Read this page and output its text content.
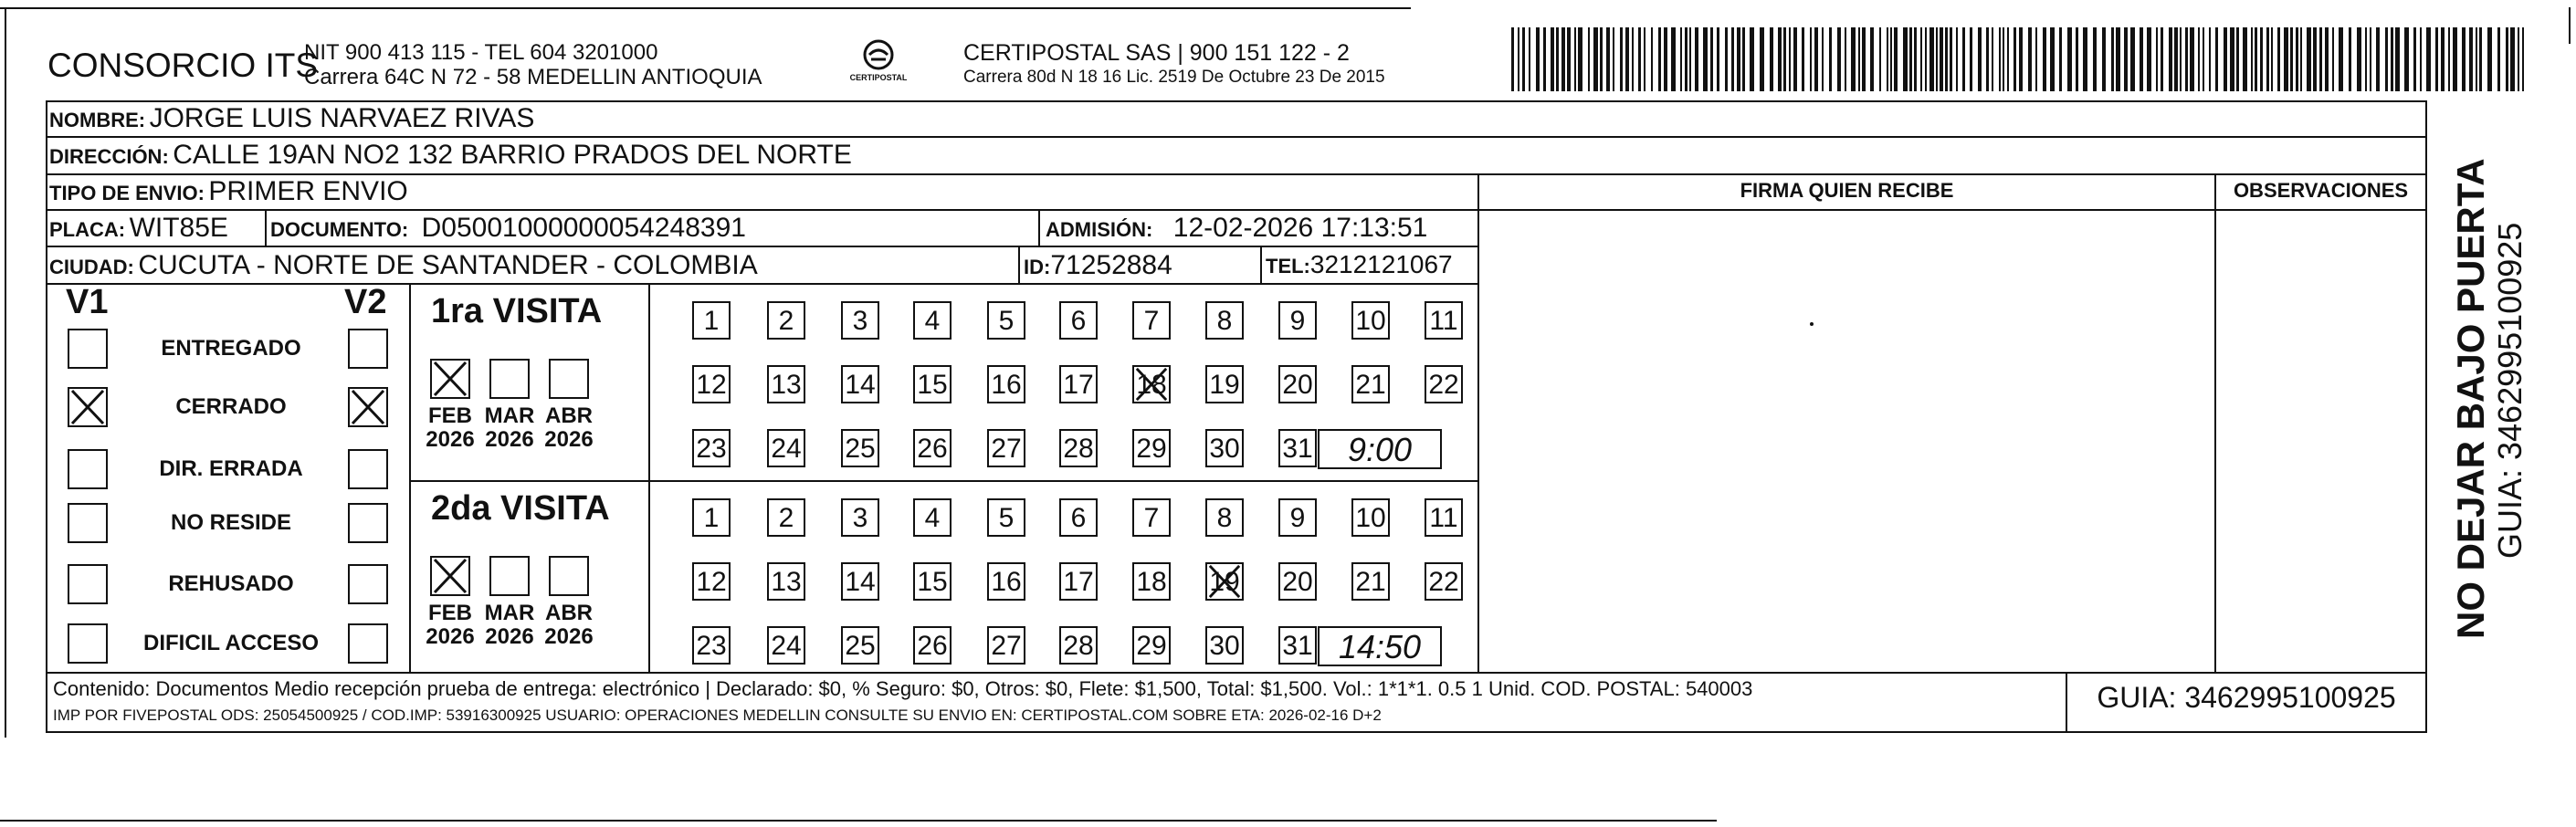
CONSORCIO ITS
NIT 900 413 115 - TEL 604 3201000
Carrera 64C N 72 - 58 MEDELLIN ANTIOQUIA	CERTIPOSTAL
CERTIPOSTAL SAS | 900 151 122 - 2
Carrera 80d N 18 16 Lic. 2519 De Octubre 23 De 2015
NOMBRE: JORGE LUIS NARVAEZ RIVAS
DIRECCIÓN: CALLE 19AN NO2 132 BARRIO PRADOS DEL NORTE
TIPO DE ENVIO: PRIMER ENVIO	FIRMA QUIEN RECIBE	OBSERVACIONES
PLACA: WIT85E DOCUMENTO: D05001000000054248391	ADMISIÓN: 12-02-2026 17:13:51
CIUDAD: CUCUTA - NORTE DE SANTANDER - COLOMBIA	ID:71252884	TEL:3212121067
V1	V2
ENTREGADO
CERRADO
DIR. ERRADA
NO RESIDE
REHUSADO
DIFICIL ACCESO
1ra VISITA
FEB
2026
MAR
2026
ABR
2026
1	2	3	4	5	6	7	8	9	10 11
12 13 14 15 16 17 18 19 20 21 22
23 24 25 26 27 28 29 30 31	9:00
2da VISITA
FEB
2026
MAR
2026
ABR
2026
1	2	3	4	5	6	7	8	9	10 11
12 13 14 15 16 17 18 19 20 21 22
23 24 25 26 27 28 29 30 31 14:50
Contenido: Documentos Medio recepción prueba de entrega: electrónico | Declarado: $0, % Seguro: $0, Otros: $0, Flete: $1,500, Total: $1,500. Vol.: 1*1*1. 0.5 1 Unid. COD. POSTAL: 540003
IMP POR FIVEPOSTAL ODS: 25054500925 / COD.IMP: 53916300925 USUARIO: OPERACIONES MEDELLIN CONSULTE SU ENVIO EN: CERTIPOSTAL.COM SOBRE ETA: 2026-02-16 D+2
GUIA: 3462995100925
NO DEJAR BAJO PUERTA GUIA: 3462995100925
